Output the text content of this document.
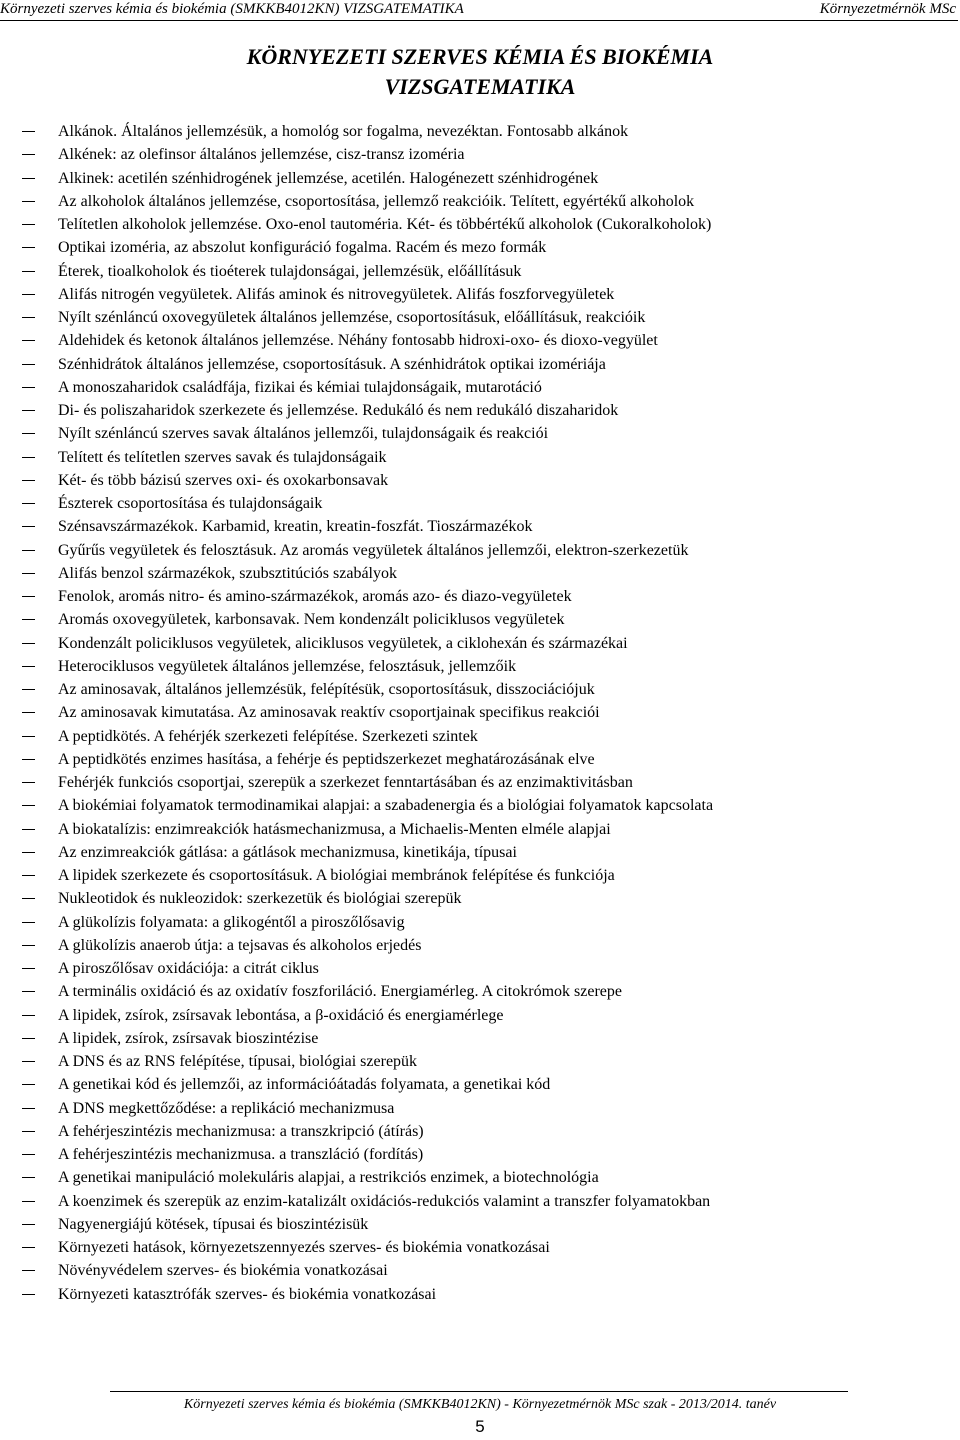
Környezeti szerves kémia és biokémia (SMKKB4012KN) VIZSGATEMATIKA	Környezetmérnök MSc
KÖRNYEZETI SZERVES KÉMIA ÉS BIOKÉMIA
VIZSGATEMATIKA
Alkánok. Általános jellemzésük, a homológ sor fogalma, nevezéktan. Fontosabb alkánok
Alkének: az olefinsor általános jellemzése, cisz-transz izoméria
Alkinek: acetilén szénhidrogének jellemzése, acetilén. Halogénezett szénhidrogének
Az alkoholok általános jellemzése, csoportosítása, jellemző reakcióik. Telített, egyértékű alkoholok
Telítetlen alkoholok jellemzése. Oxo-enol tautoméria. Két- és többértékű alkoholok (Cukoralkoholok)
Optikai izoméria, az abszolut konfiguráció fogalma. Racém és mezo formák
Éterek, tioalkoholok és tioéterek tulajdonságai, jellemzésük, előállításuk
Alifás nitrogén vegyületek. Alifás aminok és nitrovegyületek. Alifás foszforvegyületek
Nyílt szénláncú oxovegyületek általános jellemzése, csoportosításuk, előállításuk, reakcióik
Aldehidek és ketonok általános jellemzése. Néhány fontosabb hidroxi-oxo- és dioxo-vegyület
Szénhidrátok általános jellemzése, csoportosításuk. A szénhidrátok optikai izomériája
A monoszaharidok családfája, fizikai és kémiai tulajdonságaik, mutarotáció
Di- és poliszaharidok szerkezete és jellemzése. Redukáló és nem redukáló diszaharidok
Nyílt szénláncú szerves savak általános jellemzői, tulajdonságaik és reakciói
Telített és telítetlen szerves savak és tulajdonságaik
Két- és több bázisú szerves oxi- és oxokarbonsavak
Észterek csoportosítása és tulajdonságaik
Szénsavszármazékok. Karbamid, kreatin, kreatin-foszfát. Tioszármazékok
Gyűrűs vegyületek és felosztásuk. Az aromás vegyületek általános jellemzői, elektron-szerkezetük
Alifás benzol származékok, szubsztitúciós szabályok
Fenolok, aromás nitro- és amino-származékok, aromás azo- és diazo-vegyületek
Aromás oxovegyületek, karbonsavak. Nem kondenzált policiklusos vegyületek
Kondenzált policiklusos vegyületek, aliciklusos vegyületek, a ciklohexán és származékai
Heterociklusos vegyületek általános jellemzése, felosztásuk, jellemzőik
Az aminosavak, általános jellemzésük, felépítésük, csoportosításuk, disszociációjuk
Az aminosavak kimutatása. Az aminosavak reaktív csoportjainak specifikus reakciói
A peptidkötés. A fehérjék szerkezeti felépítése. Szerkezeti szintek
A peptidkötés enzimes hasítása, a fehérje és peptidszerkezet meghatározásának elve
Fehérjék funkciós csoportjai, szerepük a szerkezet fenntartásában és az enzimaktivitásban
A biokémiai folyamatok termodinamikai alapjai: a szabadenergia és a biológiai folyamatok kapcsolata
A biokatalízis: enzimreakciók hatásmechanizmusa, a Michaelis-Menten elméle alapjai
Az enzimreakciók gátlása: a gátlások mechanizmusa, kinetikája, típusai
A lipidek szerkezete és csoportosításuk. A biológiai membránok felépítése és funkciója
Nukleotidok és nukleozidok: szerkezetük és biológiai szerepük
A glükolízis folyamata: a glikogéntől a piroszőlősavig
A glükolízis anaerob útja: a tejsavas és alkoholos erjedés
A piroszőlősav oxidációja: a citrát ciklus
A terminális oxidáció és az oxidatív foszforiláció. Energiamérleg. A citokrómok szerepe
A lipidek, zsírok, zsírsavak lebontása, a β-oxidáció és energiamérlege
A lipidek, zsírok, zsírsavak bioszintézise
A DNS és az RNS felépítése, típusai, biológiai szerepük
A genetikai kód és jellemzői, az információátadás folyamata, a genetikai kód
A DNS megkettőződése: a replikáció mechanizmusa
A fehérjeszintézis mechanizmusa: a transzkripció (átírás)
A fehérjeszintézis mechanizmusa. a transzláció (fordítás)
A genetikai manipuláció molekuláris alapjai, a restrikciós enzimek, a biotechnológia
A koenzimek és szerepük az enzim-katalizált oxidációs-redukciós valamint a transzfer folyamatokban
Nagyenergiájú kötések, típusai és bioszintézisük
Környezeti hatások, környezetszennyezés szerves- és biokémia vonatkozásai
Növényvédelem szerves- és biokémia vonatkozásai
Környezeti katasztrófák szerves- és biokémia vonatkozásai
Környezeti szerves kémia és biokémia (SMKKB4012KN) - Környezetmérnök MSc szak - 2013/2014. tanév
5
